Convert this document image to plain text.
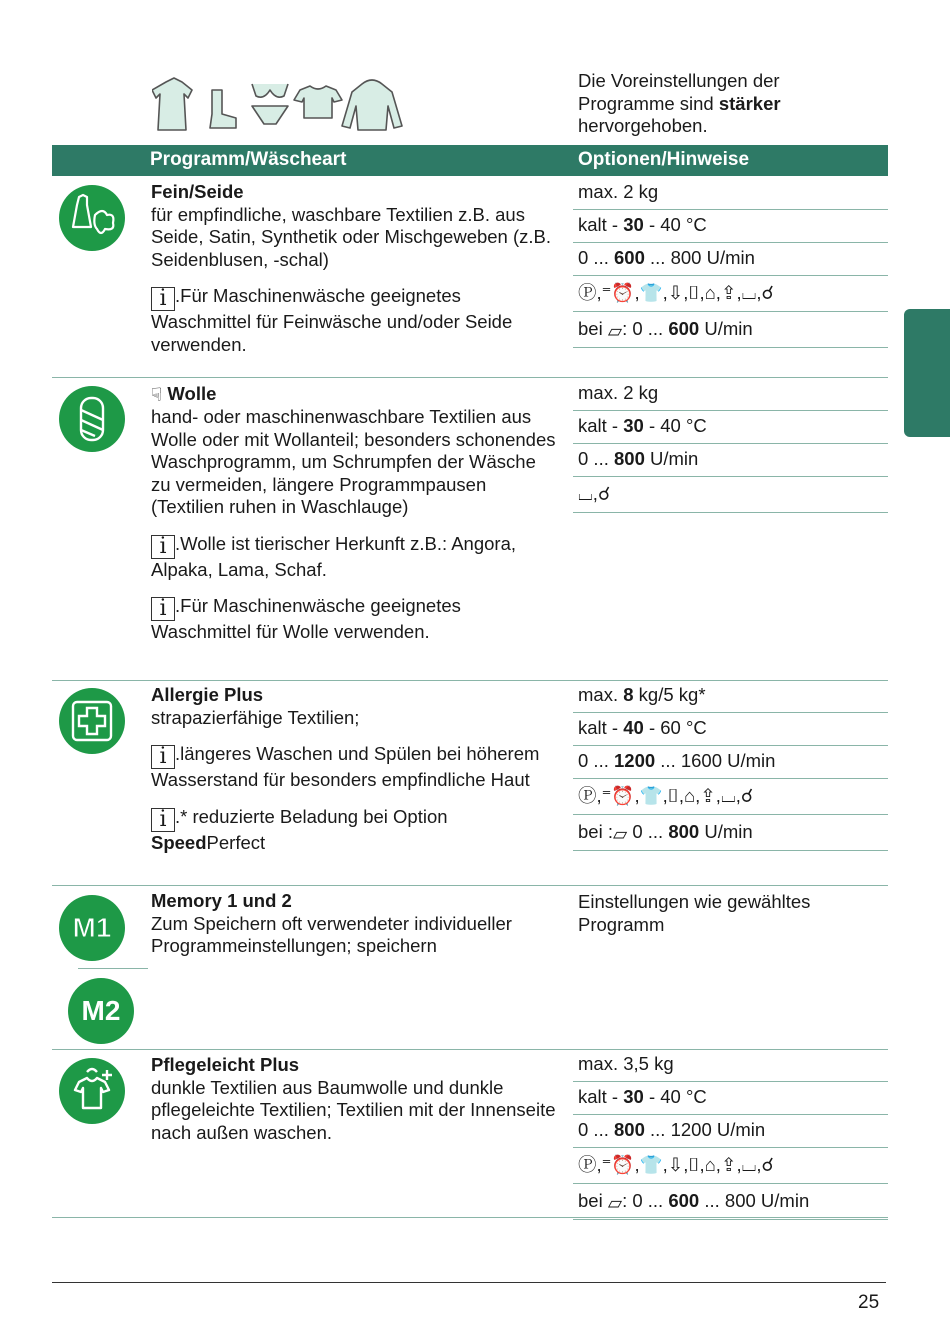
Die Voreinstellungen der Programme sind stärker hervorgehoben.
Programm/Wäscheart	Optionen/Hinweise
Fein/Seide
für empfindliche, waschbare Textilien z.B. aus Seide, Satin, Synthetik oder Mischgeweben (z.B. Seidenblusen, -schal)
i .Für Maschinenwäsche geeignetes Waschmittel für Feinwäsche und/oder Seide verwenden.
max. 2 kg
kalt - 30 - 40 °C
0 ... 600 ... 800 U/min
Ⓟ,⁼⏰,👕,⇩,⌷,⌂,⇪,⌴,☌
bei ▱: 0 ... 600 U/min
☟ Wolle
hand- oder maschinenwaschbare Textilien aus Wolle oder mit Wollanteil; besonders schonendes Waschprogramm, um Schrumpfen der Wäsche zu vermeiden, längere Programmpausen (Textilien ruhen in Waschlauge)
i .Wolle ist tierischer Herkunft z.B.: Angora, Alpaka, Lama, Schaf.
i .Für Maschinenwäsche geeignetes Waschmittel für Wolle verwenden.
max. 2 kg
kalt - 30 - 40 °C
0 ... 800 U/min
⌴,☌
Allergie Plus
strapazierfähige Textilien;
i .längeres Waschen und Spülen bei höherem Wasserstand für besonders empfindliche Haut
i .* reduzierte Beladung bei Option SpeedPerfect
max. 8 kg/5 kg*
kalt - 40 - 60 °C
0 ... 1200 ... 1600 U/min
Ⓟ,⁼⏰,👕,⌷,⌂,⇪,⌴,☌
bei :▱ 0 ... 800 U/min
M1
M2
Memory 1 und 2
Zum Speichern oft verwendeter individueller Programmeinstellungen; speichern
Einstellungen wie gewähltes Programm
Pflegeleicht Plus
dunkle Textilien aus Baumwolle und dunkle pflegeleichte Textilien; Textilien mit der Innenseite nach außen waschen.
max. 3,5 kg
kalt - 30 - 40 °C
0 ... 800 ... 1200 U/min
Ⓟ,⁼⏰,👕,⇩,⌷,⌂,⇪,⌴,☌
bei ▱: 0 ... 600 ... 800 U/min
25
